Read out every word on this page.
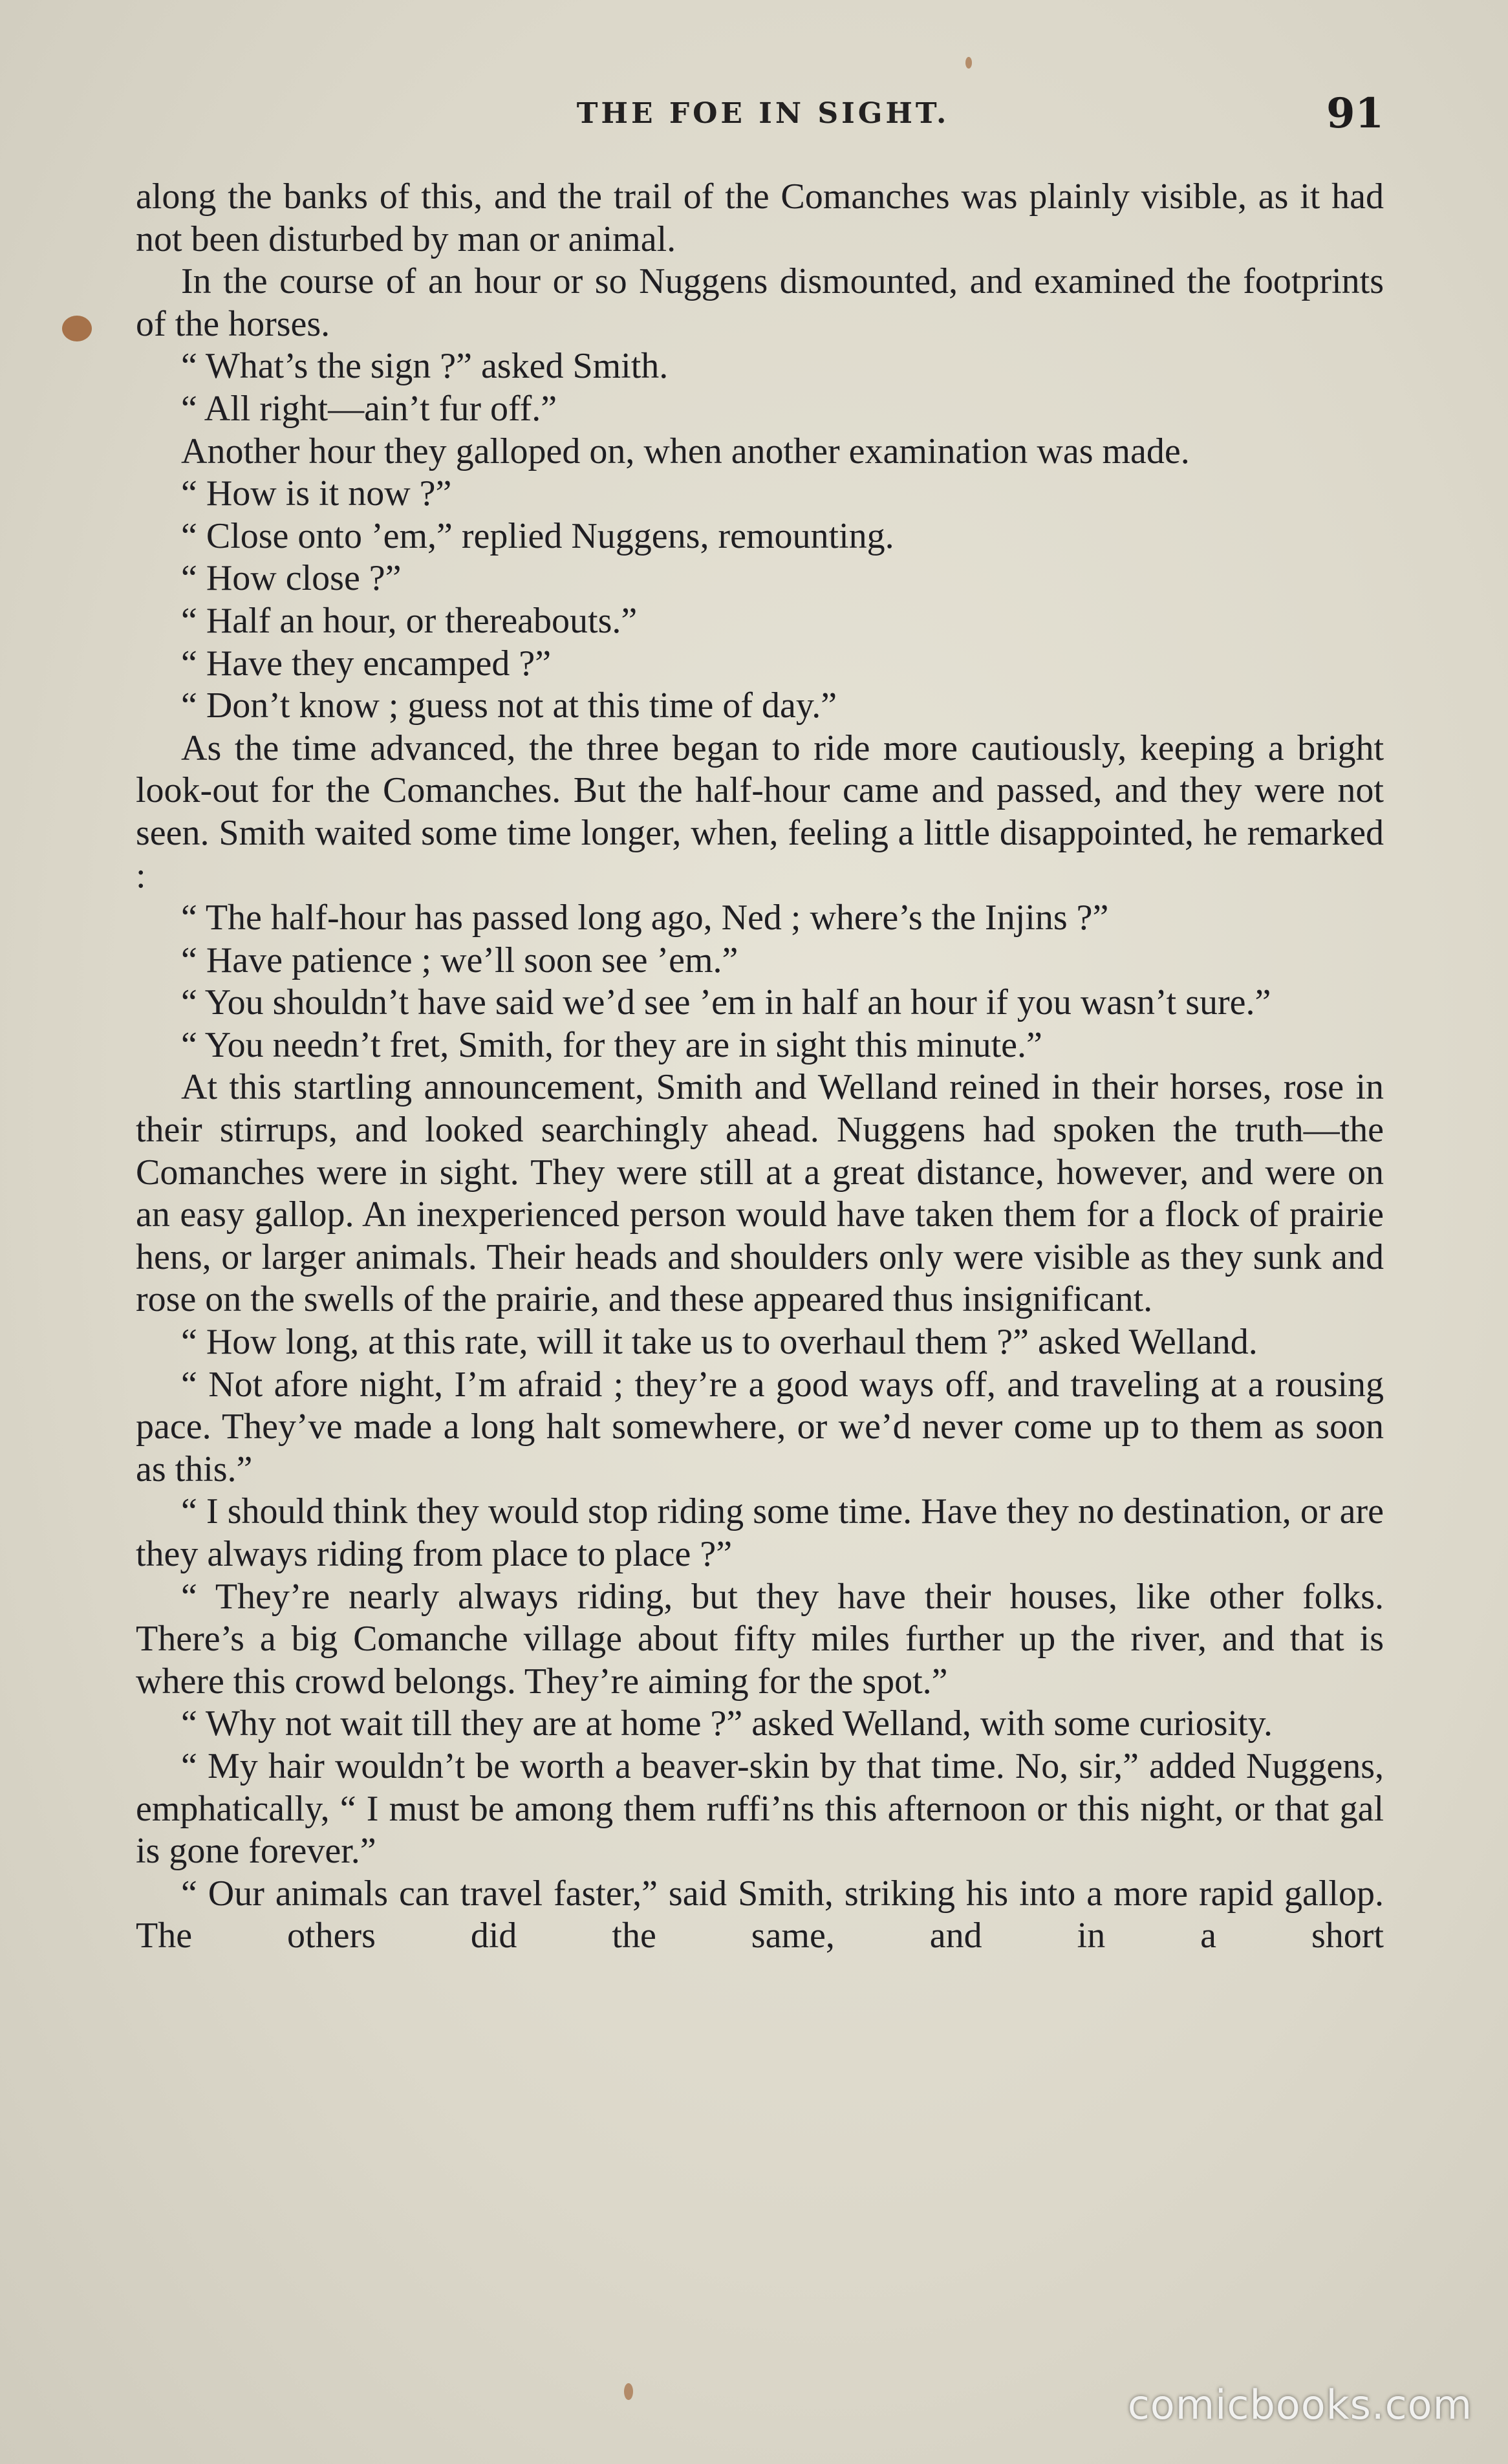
THE FOE IN SIGHT.	91

along the banks of this, and the trail of the Comanches was plainly visible, as it had not been disturbed by man or animal.

In the course of an hour or so Nuggens dismounted, and examined the footprints of the horses.

“ What’s the sign ?” asked Smith.

“ All right—ain’t fur off.”

Another hour they galloped on, when another examination was made.

“ How is it now ?”

“ Close onto ’em,” replied Nuggens, remounting.

“ How close ?”

“ Half an hour, or thereabouts.”

“ Have they encamped ?”

“ Don’t know ; guess not at this time of day.”

As the time advanced, the three began to ride more cautiously, keeping a bright look-out for the Comanches. But the half-hour came and passed, and they were not seen. Smith waited some time longer, when, feeling a little disappointed, he remarked :

“ The half-hour has passed long ago, Ned ; where’s the Injins ?”

“ Have patience ; we’ll soon see ’em.”

“ You shouldn’t have said we’d see ’em in half an hour if you wasn’t sure.”

“ You needn’t fret, Smith, for they are in sight this minute.”

At this startling announcement, Smith and Welland reined in their horses, rose in their stirrups, and looked searchingly ahead. Nuggens had spoken the truth—the Comanches were in sight. They were still at a great distance, however, and were on an easy gallop. An inexperienced person would have taken them for a flock of prairie hens, or larger animals. Their heads and shoulders only were visible as they sunk and rose on the swells of the prairie, and these appeared thus insignificant.

“ How long, at this rate, will it take us to overhaul them ?” asked Welland.

“ Not afore night, I’m afraid ; they’re a good ways off, and traveling at a rousing pace. They’ve made a long halt somewhere, or we’d never come up to them as soon as this.”

“ I should think they would stop riding some time. Have they no destination, or are they always riding from place to place ?”

“ They’re nearly always riding, but they have their houses, like other folks. There’s a big Comanche village about fifty miles further up the river, and that is where this crowd belongs. They’re aiming for the spot.”

“ Why not wait till they are at home ?” asked Welland, with some curiosity.

“ My hair wouldn’t be worth a beaver-skin by that time. No, sir,” added Nuggens, emphatically, “ I must be among them ruffi’ns this afternoon or this night, or that gal is gone forever.”

“ Our animals can travel faster,” said Smith, striking his into a more rapid gallop. The others did the same, and in a short

comicbooks.com
